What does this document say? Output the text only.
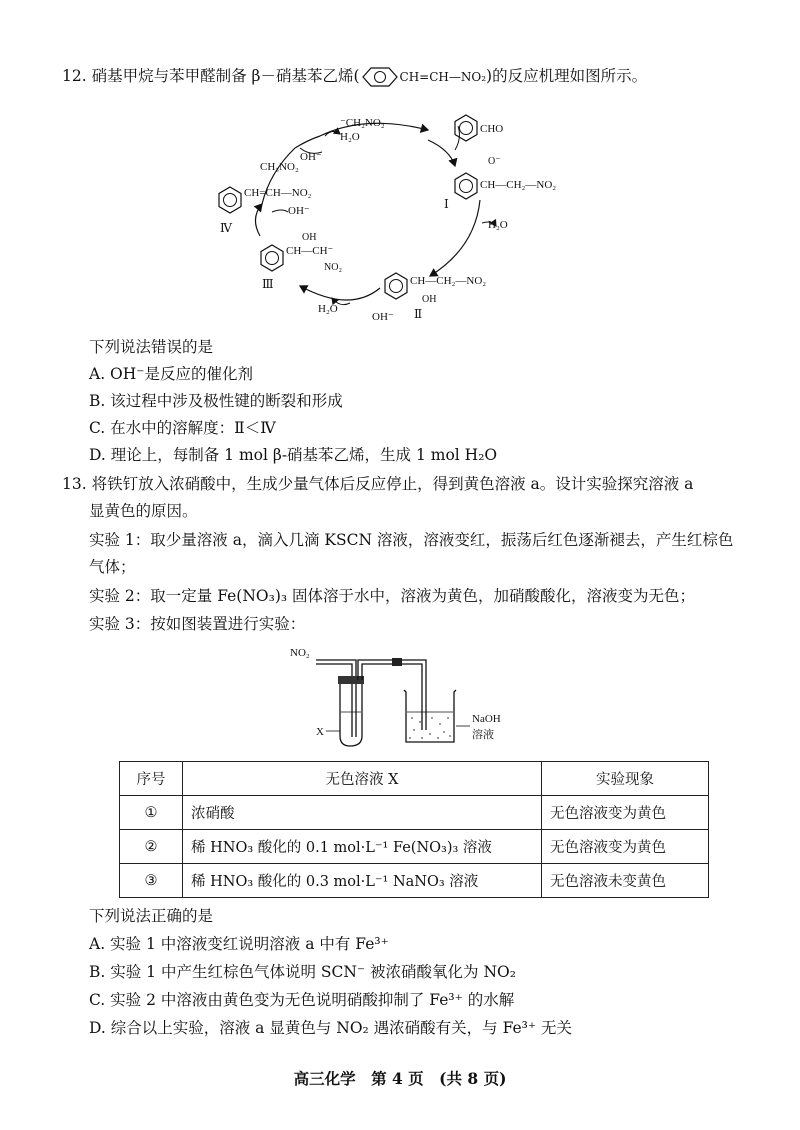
12. 硝基甲烷与苯甲醛制备 β－硝基苯乙烯(	CH=CH—NO₂)的反应机理如图所示。
⁻CH₂NO₂
H₂O
CH₃NO₂
OH⁻
CHO
O⁻
CH—CH₂—NO₂
Ⅰ
H₂O
CH—CH₂—NO₂
OH
Ⅱ
OH⁻
H₂O
OH
CH—CH⁻
NO₂
Ⅲ
OH⁻
CH=CH—NO₂
Ⅳ
下列说法错误的是
A. OH⁻是反应的催化剂
B. 该过程中涉及极性键的断裂和形成
C. 在水中的溶解度：Ⅱ＜Ⅳ
D. 理论上，每制备 1 mol β-硝基苯乙烯，生成 1 mol H₂O
13. 将铁钉放入浓硝酸中，生成少量气体后反应停止，得到黄色溶液 a。设计实验探究溶液 a
显黄色的原因。
实验 1：取少量溶液 a，滴入几滴 KSCN 溶液，溶液变红，振荡后红色逐渐褪去，产生红棕色
气体；
实验 2：取一定量 Fe(NO₃)₃ 固体溶于水中，溶液为黄色，加硝酸酸化，溶液变为无色；
实验 3：按如图装置进行实验：
NO₂
X
NaOH
溶液
序号	无色溶液 X	实验现象
①	浓硝酸	无色溶液变为黄色
②	稀 HNO₃ 酸化的 0.1 mol·L⁻¹ Fe(NO₃)₃ 溶液	无色溶液变为黄色
③	稀 HNO₃ 酸化的 0.3 mol·L⁻¹ NaNO₃ 溶液	无色溶液未变黄色
下列说法正确的是
A. 实验 1 中溶液变红说明溶液 a 中有 Fe³⁺
B. 实验 1 中产生红棕色气体说明 SCN⁻ 被浓硝酸氧化为 NO₂
C. 实验 2 中溶液由黄色变为无色说明硝酸抑制了 Fe³⁺ 的水解
D. 综合以上实验，溶液 a 显黄色与 NO₂ 遇浓硝酸有关，与 Fe³⁺ 无关
高三化学　第 4 页　(共 8 页)
